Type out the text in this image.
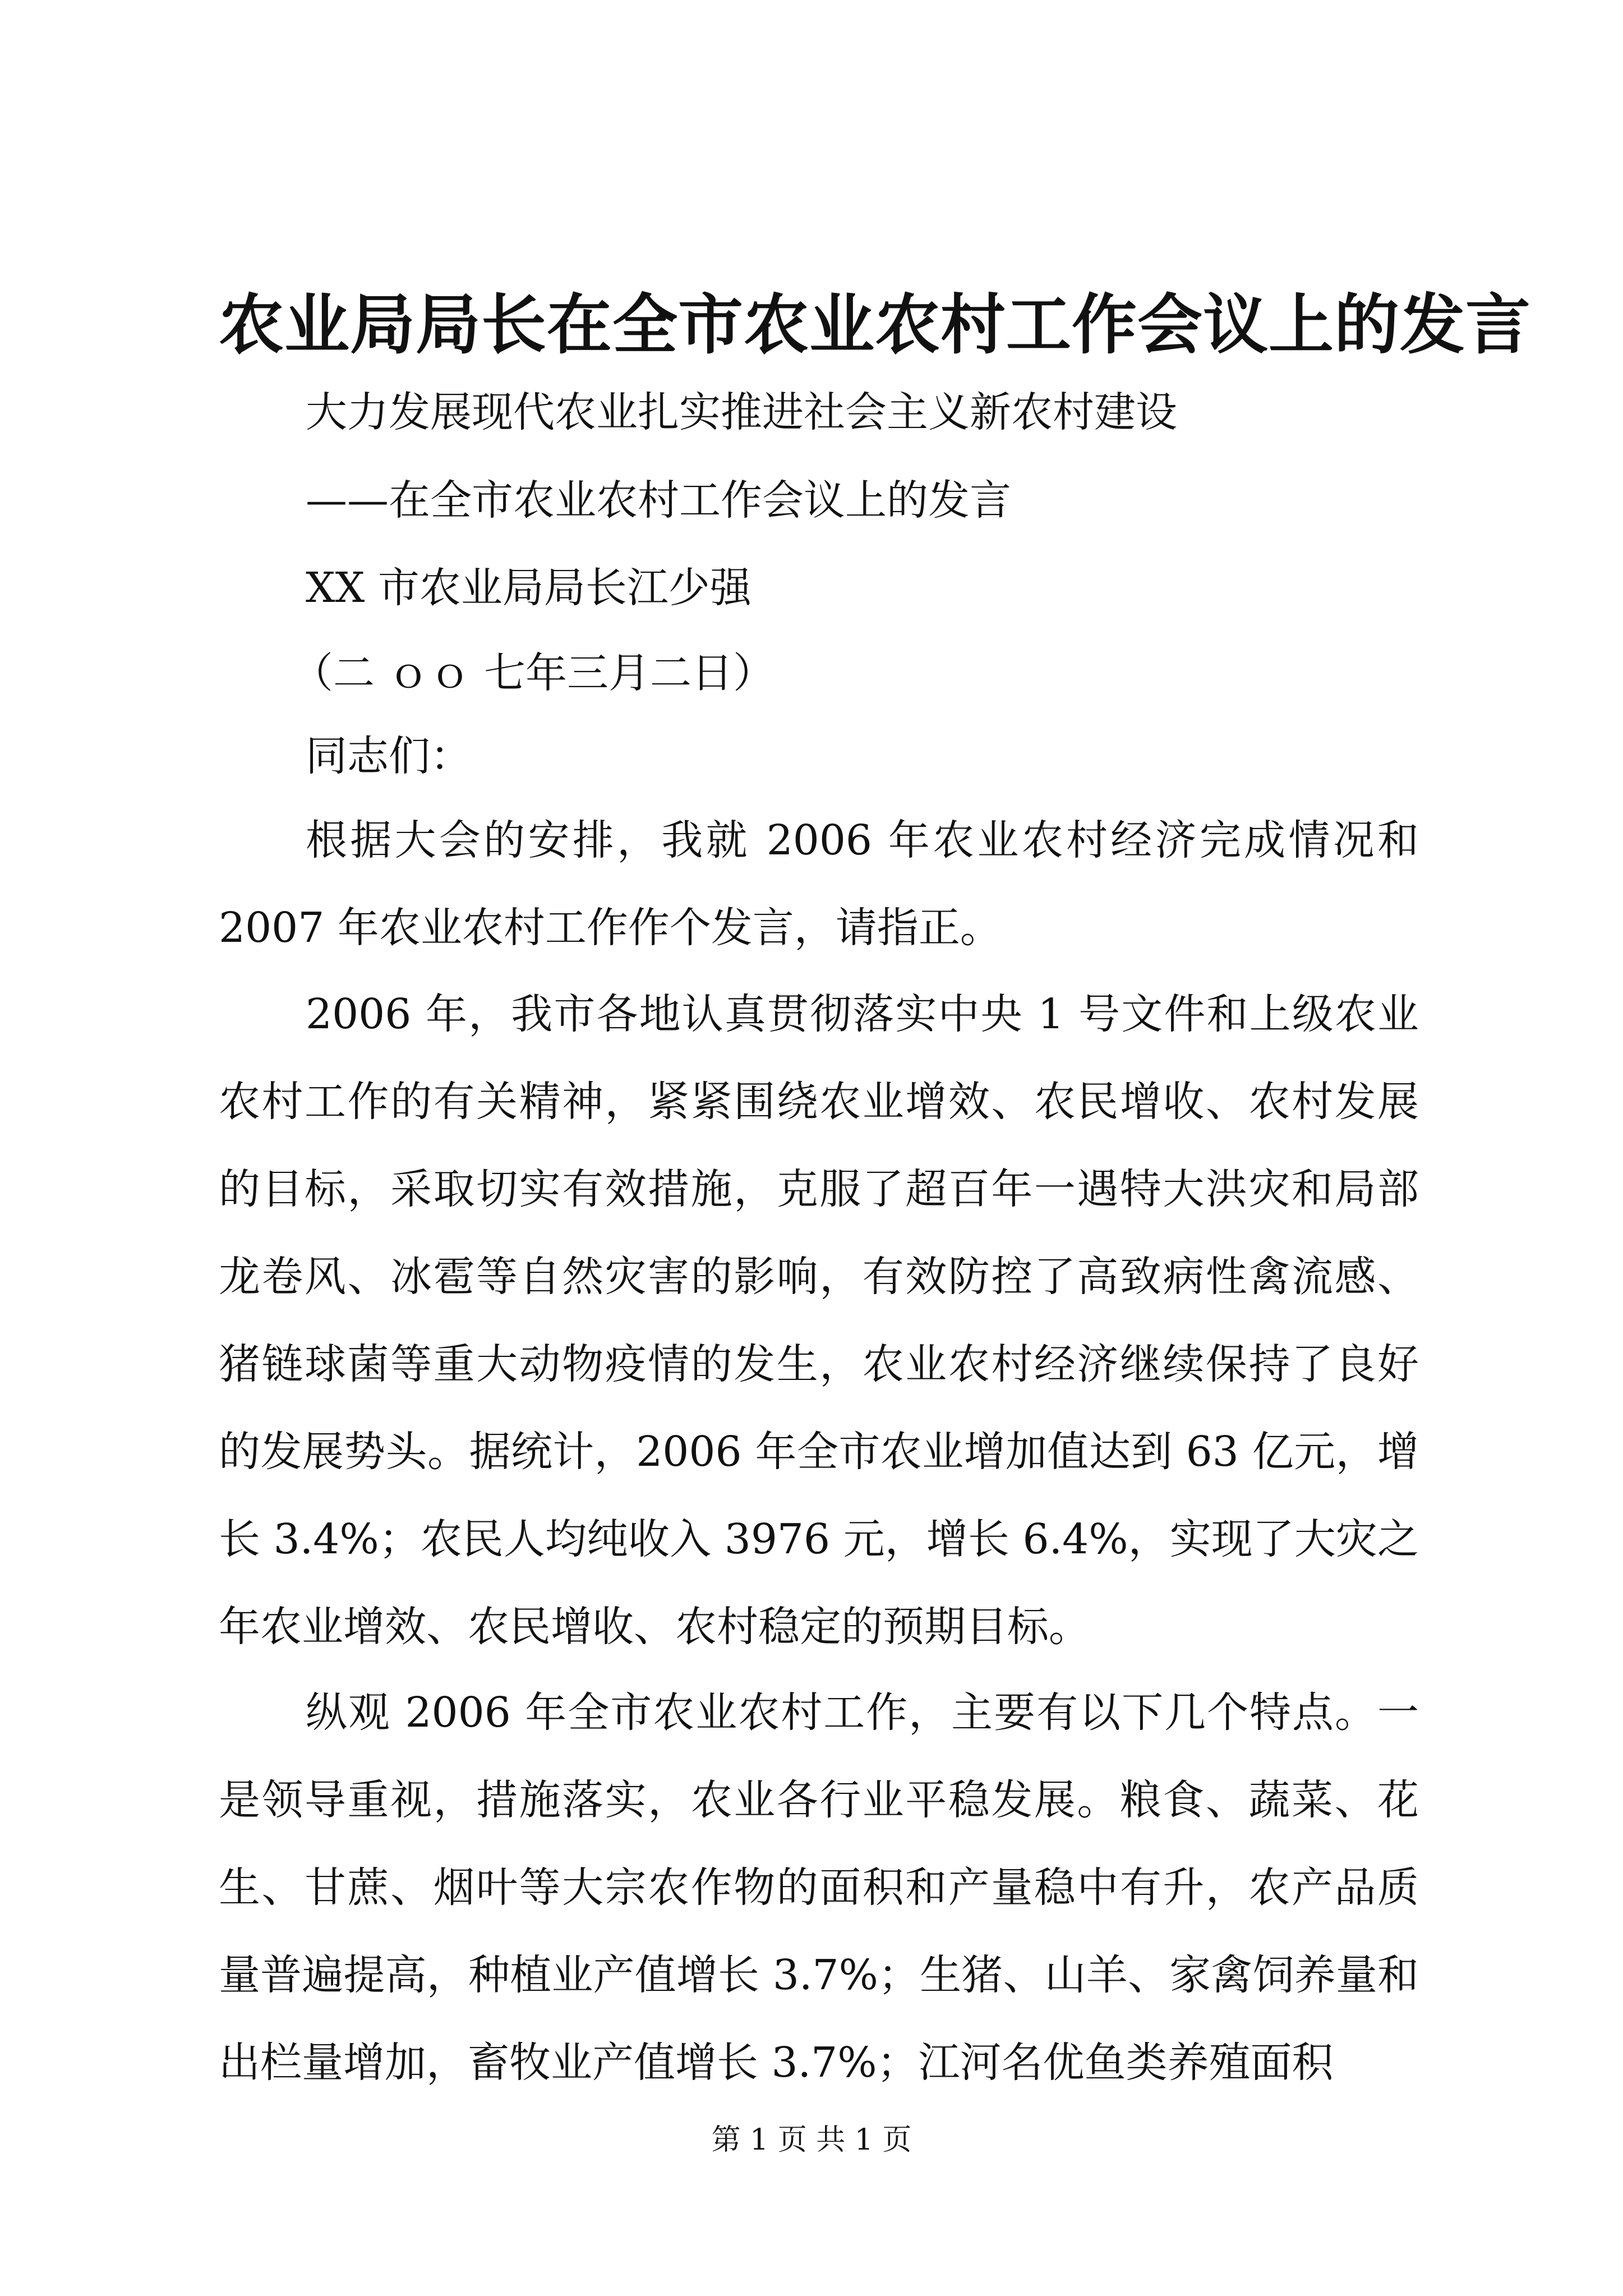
农业局局长在全市农业农村工作会议上的发言

大力发展现代农业扎实推进社会主义新农村建设

——在全市农业农村工作会议上的发言

XX 市农业局局长江少强

（二 ｏｏ 七年三月二日）

同志们：

根据大会的安排，我就 2006 年农业农村经济完成情况和 2007 年农业农村工作作个发言，请指正。

2006 年，我市各地认真贯彻落实中央 1 号文件和上级农业农村工作的有关精神，紧紧围绕农业增效、农民增收、农村发展的目标，采取切实有效措施，克服了超百年一遇特大洪灾和局部龙卷风、冰雹等自然灾害的影响，有效防控了高致病性禽流感、猪链球菌等重大动物疫情的发生，农业农村经济继续保持了良好的发展势头。据统计，2006 年全市农业增加值达到 63 亿元，增长 3.4%；农民人均纯收入 3976 元，增长 6.4%，实现了大灾之年农业增效、农民增收、农村稳定的预期目标。

纵观 2006 年全市农业农村工作，主要有以下几个特点。一是领导重视，措施落实，农业各行业平稳发展。粮食、蔬菜、花生、甘蔗、烟叶等大宗农作物的面积和产量稳中有升，农产品质量普遍提高，种植业产值增长 3.7%；生猪、山羊、家禽饲养量和出栏量增加，畜牧业产值增长 3.7%；江河名优鱼类养殖面积

第 1 页 共 1 页
